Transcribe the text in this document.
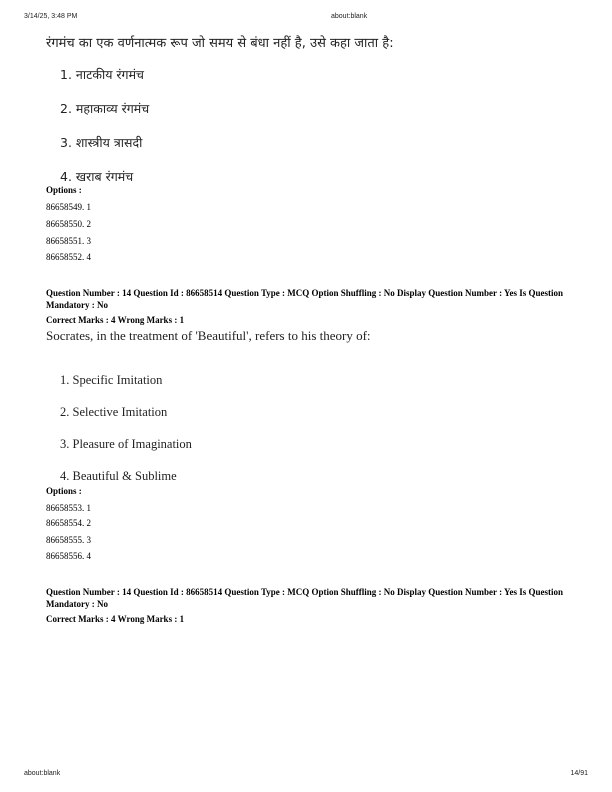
3/14/25, 3:48 PM	about:blank
रंगमंच का एक वर्णनात्मक रूप जो समय से बंधा नहीं है, उसे कहा जाता है:
1. नाटकीय रंगमंच
2. महाकाव्य रंगमंच
3. शास्त्रीय त्रासदी
4. खराब रंगमंच
Options :
86658549. 1
86658550. 2
86658551. 3
86658552. 4
Question Number : 14 Question Id : 86658514 Question Type : MCQ Option Shuffling : No Display Question Number : Yes Is Question Mandatory : No
Correct Marks : 4 Wrong Marks : 1
Socrates, in the treatment of 'Beautiful', refers to his theory of:
1. Specific Imitation
2. Selective Imitation
3. Pleasure of Imagination
4. Beautiful & Sublime
Options :
86658553. 1
86658554. 2
86658555. 3
86658556. 4
Question Number : 14 Question Id : 86658514 Question Type : MCQ Option Shuffling : No Display Question Number : Yes Is Question Mandatory : No
Correct Marks : 4 Wrong Marks : 1
about:blank	14/91
